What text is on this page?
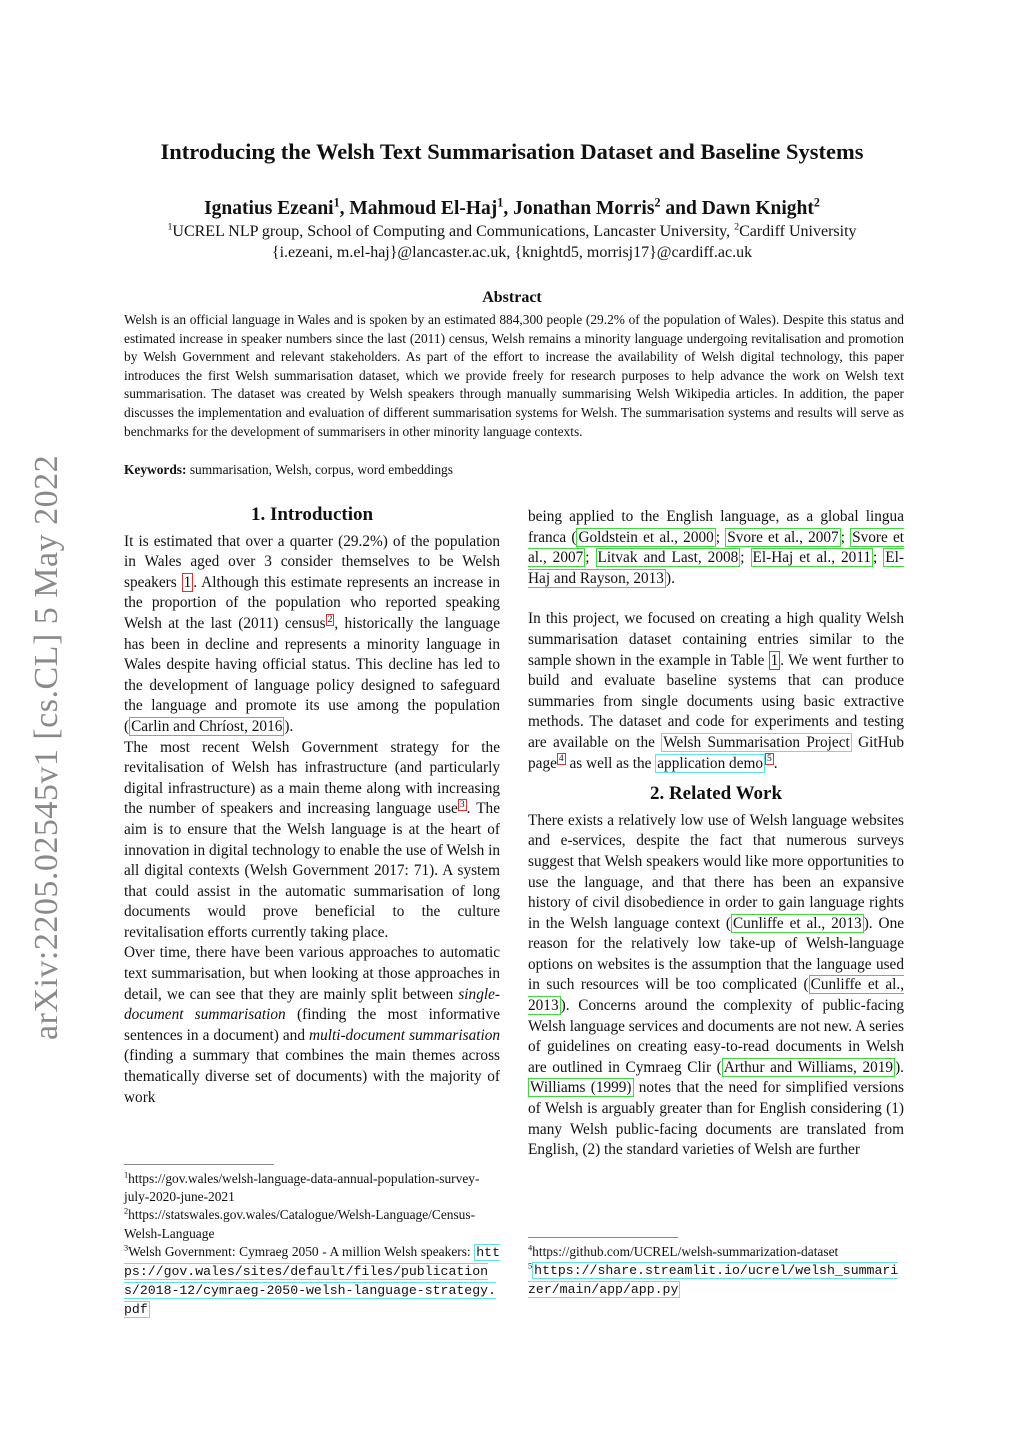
arXiv:2205.02545v1 [cs.CL] 5 May 2022
Introducing the Welsh Text Summarisation Dataset and Baseline Systems
Ignatius Ezeani$^1$, Mahmoud El-Haj$^1$, Jonathan Morris$^2$ and Dawn Knight$^2$
$^1$UCREL NLP group, School of Computing and Communications, Lancaster University, $^2$Cardiff University
{i.ezeani, m.el-haj}@lancaster.ac.uk, {knightd5, morrisj17}@cardiff.ac.uk
Abstract
Welsh is an official language in Wales and is spoken by an estimated 884,300 people (29.2% of the population of Wales). Despite this status and estimated increase in speaker numbers since the last (2011) census, Welsh remains a minority language undergoing revitalisation and promotion by Welsh Government and relevant stakeholders. As part of the effort to increase the availability of Welsh digital technology, this paper introduces the first Welsh summarisation dataset, which we provide freely for research purposes to help advance the work on Welsh text summarisation. The dataset was created by Welsh speakers through manually summarising Welsh Wikipedia articles. In addition, the paper discusses the implementation and evaluation of different summarisation systems for Welsh. The summarisation systems and results will serve as benchmarks for the development of summarisers in other minority language contexts.
Keywords: summarisation, Welsh, corpus, word embeddings
1. Introduction

It is estimated that over a quarter (29.2%) of the population in Wales aged over 3 consider themselves to be Welsh speakers 1 . Although this estimate represents an increase in the proportion of the population who reported speaking Welsh at the last (2011) census $^2$ , historically the language has been in decline and represents a minority language in Wales despite having official status. This decline has led to the development of language policy designed to safeguard the language and promote its use among the population ( Carlin and Chríost, 2016 ).

The most recent Welsh Government strategy for the revitalisation of Welsh has infrastructure (and particularly digital infrastructure) as a main theme along with increasing the number of speakers and increasing language use $^3$ . The aim is to ensure that the Welsh language is at the heart of innovation in digital technology to enable the use of Welsh in all digital contexts (Welsh Government 2017: 71). A system that could assist in the automatic summarisation of long documents would prove beneficial to the culture revitalisation efforts currently taking place.

Over time, there have been various approaches to automatic text summarisation, but when looking at those approaches in detail, we can see that they are mainly split between single-document summarisation (finding the most informative sentences in a document) and multi-document summarisation (finding a summary that combines the main themes across thematically diverse set of documents) with the majority of work

being applied to the English language, as a global lingua franca ( Goldstein et al., 2000 ; Svore et al., 2007 ; Svore et al., 2007 ; Litvak and Last, 2008 ; El-Haj et al., 2011 ; El-Haj and Rayson, 2013 ).

In this project, we focused on creating a high quality Welsh summarisation dataset containing entries similar to the sample shown in the example in Table 1 . We went further to build and evaluate baseline systems that can produce summaries from single documents using basic extractive methods. The dataset and code for experiments and testing are available on the Welsh Summarisation Project GitHub page $^4$ as well as the application demo $^5$ .

2. Related Work

There exists a relatively low use of Welsh language websites and e-services, despite the fact that numerous surveys suggest that Welsh speakers would like more opportunities to use the language, and that there has been an expansive history of civil disobedience in order to gain language rights in the Welsh language context ( Cunliffe et al., 2013 ). One reason for the relatively low take-up of Welsh-language options on websites is the assumption that the language used in such resources will be too complicated ( Cunliffe et al., 2013 ). Concerns around the complexity of public-facing Welsh language services and documents are not new. A series of guidelines on creating easy-to-read documents in Welsh are outlined in Cymraeg Clir ( Arthur and Williams, 2019 ). Williams (1999) notes that the need for simplified versions of Welsh is arguably greater than for English considering (1) many Welsh public-facing documents are translated from English, (2) the standard varieties of Welsh are further

$^1$https://gov.wales/welsh-language-data-annual-population-survey-july-2020-june-2021

$^2$https://statswales.gov.wales/Catalogue/Welsh-Language/Census-Welsh-Language

$^3$Welsh Government: Cymraeg 2050 - A million Welsh speakers: https://gov.wales/sites/default/files/publications/2018-12/cymraeg-2050-welsh-language-strategy.pdf

$^4$https://github.com/UCREL/welsh-summarization-dataset

$^5$ https://share.streamlit.io/ucrel/welsh_summarizer/main/app/app.py
